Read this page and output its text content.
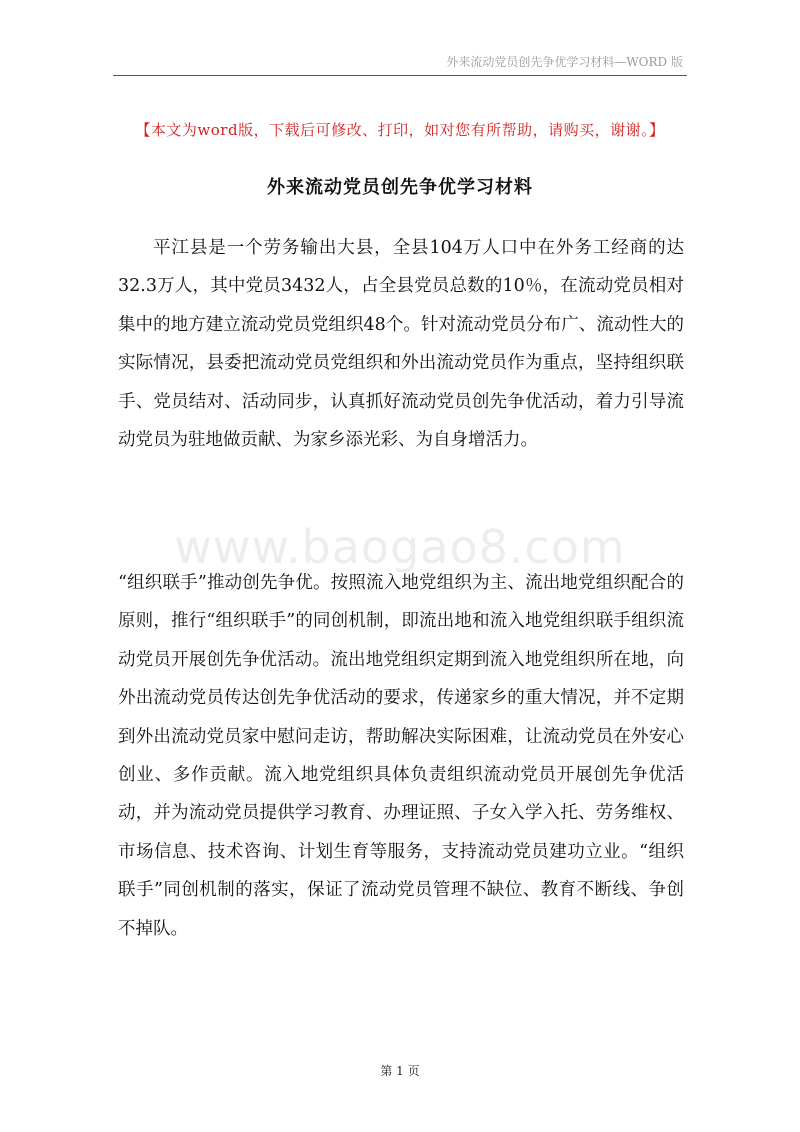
外来流动党员创先争优学习材料—WORD 版
【本文为word版，下载后可修改、打印，如对您有所帮助，请购买，谢谢。】
外来流动党员创先争优学习材料
www.baogao8.com

平江县是一个劳务输出大县，全县104万人口中在外务工经商的达32.3万人，其中党员3432人，占全县党员总数的10％，在流动党员相对集中的地方建立流动党员党组织48个。针对流动党员分布广、流动性大的实际情况，县委把流动党员党组织和外出流动党员作为重点，坚持组织联手、党员结对、活动同步，认真抓好流动党员创先争优活动，着力引导流动党员为驻地做贡献、为家乡添光彩、为自身增活力。

“组织联手”推动创先争优。按照流入地党组织为主、流出地党组织配合的原则，推行“组织联手”的同创机制，即流出地和流入地党组织联手组织流动党员开展创先争优活动。流出地党组织定期到流入地党组织所在地，向外出流动党员传达创先争优活动的要求，传递家乡的重大情况，并不定期到外出流动党员家中慰问走访，帮助解决实际困难，让流动党员在外安心创业、多作贡献。流入地党组织具体负责组织流动党员开展创先争优活动，并为流动党员提供学习教育、办理证照、子女入学入托、劳务维权、市场信息、技术咨询、计划生育等服务，支持流动党员建功立业。“组织联手”同创机制的落实，保证了流动党员管理不缺位、教育不断线、争创不掉队。

第 1 页
